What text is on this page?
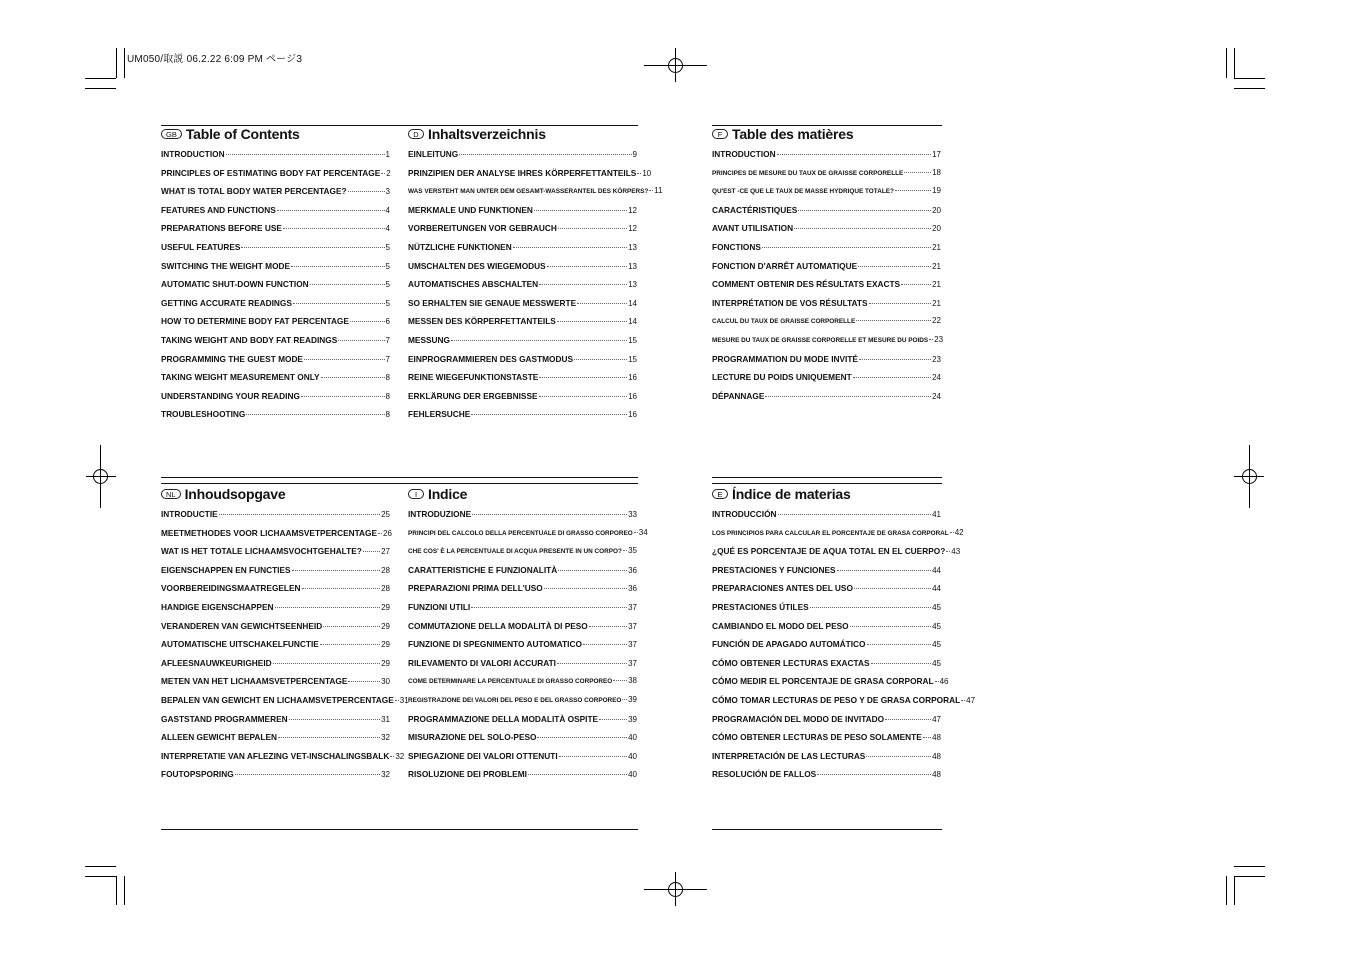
UM050/取説 06.2.22 6:09 PM ページ3
GB Table of Contents
INTRODUCTION	1
PRINCIPLES OF ESTIMATING BODY FAT PERCENTAGE 2
WHAT IS TOTAL BODY WATER PERCENTAGE?	3
FEATURES AND FUNCTIONS	4
PREPARATIONS BEFORE USE	4
USEFUL FEATURES	5
SWITCHING THE WEIGHT MODE	5
AUTOMATIC SHUT-DOWN FUNCTION	5
GETTING ACCURATE READINGS	5
HOW TO DETERMINE BODY FAT PERCENTAGE	6
TAKING WEIGHT AND BODY FAT READINGS	7
PROGRAMMING THE GUEST MODE	7
TAKING WEIGHT MEASUREMENT ONLY	8
UNDERSTANDING YOUR READING	8
TROUBLESHOOTING	8
D Inhaltsverzeichnis
EINLEITUNG	9
PRINZIPIEN DER ANALYSE IHRES KÖRPERFETTANTEILS 10
WAS VERSTEHT MAN UNTER DEM GESAMT-WASSERANTEIL DES KÖRPERS? 11
MERKMALE UND FUNKTIONEN	12
VORBEREITUNGEN VOR GEBRAUCH	12
NÜTZLICHE FUNKTIONEN	13
UMSCHALTEN DES WIEGEMODUS	13
AUTOMATISCHES ABSCHALTEN	13
SO ERHALTEN SIE GENAUE MESSWERTE	14
MESSEN DES KÖRPERFETTANTEILS	14
MESSUNG	15
EINPROGRAMMIEREN DES GASTMODUS	15
REINE WIEGEFUNKTIONSTASTE	16
ERKLÄRUNG DER ERGEBNISSE	16
FEHLERSUCHE	16
F Table des matières
INTRODUCTION	17
PRINCIPES DE MESURE DU TAUX DE GRAISSE CORPORELLE	18
QU'EST -CE QUE LE TAUX DE MASSE HYDRIQUE TOTALE?	19
CARACTÉRISTIQUES	20
AVANT UTILISATION	20
FONCTIONS	21
FONCTION D'ARRÊT AUTOMATIQUE	21
COMMENT OBTENIR DES RÉSULTATS EXACTS	21
INTERPRÉTATION DE VOS RÉSULTATS	21
CALCUL DU TAUX DE GRAISSE CORPORELLE	22
MESURE DU TAUX DE GRAISSE CORPORELLE ET MESURE DU POIDS 23
PROGRAMMATION DU MODE INVITÉ	23
LECTURE DU POIDS UNIQUEMENT	24
DÉPANNAGE	24
NL Inhoudsopgave
INTRODUCTIE	25
MEETMETHODES VOOR LICHAAMSVETPERCENTAGE 26
WAT IS HET TOTALE LICHAAMSVOCHTGEHALTE? 27
EIGENSCHAPPEN EN FUNCTIES	28
VOORBEREIDINGSMAATREGELEN	28
HANDIGE EIGENSCHAPPEN	29
VERANDEREN VAN GEWICHTSEENHEID	29
AUTOMATISCHE UITSCHAKELFUNCTIE	29
AFLEESNAUWKEURIGHEID	29
METEN VAN HET LICHAAMSVETPERCENTAGE	30
BEPALEN VAN GEWICHT EN LICHAAMSVETPERCENTAGE 31
GASTSTAND PROGRAMMEREN	31
ALLEEN GEWICHT BEPALEN	32
INTERPRETATIE VAN AFLEZING VET-INSCHALINGSBALK 32
FOUTOPSPORING	32
I Indice
INTRODUZIONE	33
PRINCIPI DEL CALCOLO DELLA PERCENTUALE DI GRASSO CORPOREO 34
CHE COS' È LA PERCENTUALE DI ACQUA PRESENTE IN UN CORPO? 35
CARATTERISTICHE E FUNZIONALITÀ	36
PREPARAZIONI PRIMA DELL'USO	36
FUNZIONI UTILI	37
COMMUTAZIONE DELLA MODALITÀ DI PESO	37
FUNZIONE DI SPEGNIMENTO AUTOMATICO	37
RILEVAMENTO DI VALORI ACCURATI	37
COME DETERMINARE LA PERCENTUALE DI GRASSO CORPOREO 38
REGISTRAZIONE DEI VALORI DEL PESO E DEL GRASSO CORPOREO 39
PROGRAMMAZIONE DELLA MODALITÀ OSPITE	39
MISURAZIONE DEL SOLO-PESO	40
SPIEGAZIONE DEI VALORI OTTENUTI	40
RISOLUZIONE DEI PROBLEMI	40
E Índice de materias
INTRODUCCIÓN	41
LOS PRINCIPIOS PARA CALCULAR EL PORCENTAJE DE GRASA CORPORAL 42
¿QUÉ ES PORCENTAJE DE AQUA TOTAL EN EL CUERPO? 43
PRESTACIONES Y FUNCIONES	44
PREPARACIONES ANTES DEL USO	44
PRESTACIONES ÚTILES	45
CAMBIANDO EL MODO DEL PESO	45
FUNCIÓN DE APAGADO AUTOMÁTICO	45
CÓMO OBTENER LECTURAS EXACTAS	45
CÓMO MEDIR EL PORCENTAJE DE GRASA CORPORAL 46
CÓMO TOMAR LECTURAS DE PESO Y DE GRASA CORPORAL 47
PROGRAMACIÓN DEL MODO DE INVITADO	47
CÓMO OBTENER LECTURAS DE PESO SOLAMENTE 48
INTERPRETACIÓN DE LAS LECTURAS	48
RESOLUCIÓN DE FALLOS	48
